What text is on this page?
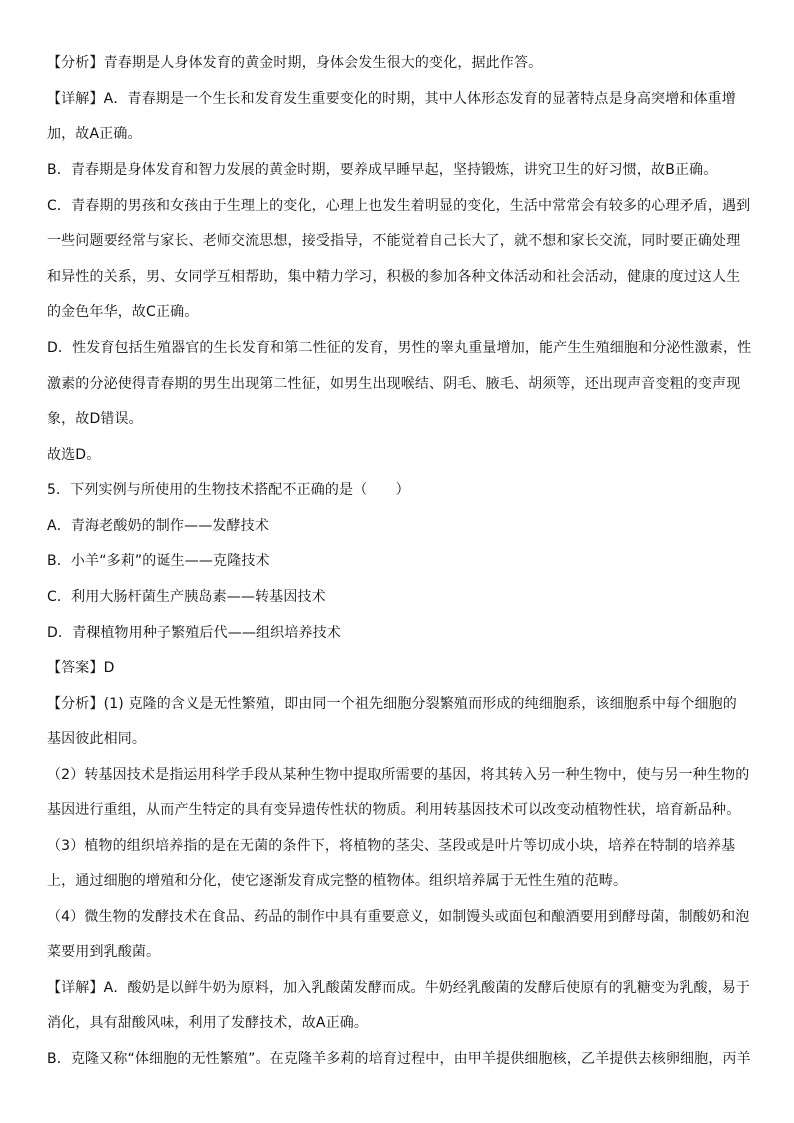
【分析】青春期是人身体发育的黄金时期，身体会发生很大的变化，据此作答。

【详解】A．青春期是一个生长和发育发生重要变化的时期，其中人体形态发育的显著特点是身高突增和体重增

加，故A正确。

B．青春期是身体发育和智力发展的黄金时期，要养成早睡早起，坚持锻炼，讲究卫生的好习惯，故B正确。

C．青春期的男孩和女孩由于生理上的变化，心理上也发生着明显的变化，生活中常常会有较多的心理矛盾，遇到

一些问题要经常与家长、老师交流思想，接受指导，不能觉着自己长大了，就不想和家长交流，同时要正确处理

和异性的关系，男、女同学互相帮助，集中精力学习，积极的参加各种文体活动和社会活动，健康的度过这人生

的金色年华，故C正确。

D．性发育包括生殖器官的生长发育和第二性征的发育，男性的睾丸重量增加，能产生生殖细胞和分泌性激素，性

激素的分泌使得青春期的男生出现第二性征，如男生出现喉结、阴毛、腋毛、胡须等，还出现声音变粗的变声现

象，故D错误。

故选D。

5．下列实例与所使用的生物技术搭配不正确的是（　　）

A．青海老酸奶的制作——发酵技术

B．小羊“多莉”的诞生——克隆技术

C．利用大肠杆菌生产胰岛素——转基因技术

D．青稞植物用种子繁殖后代——组织培养技术

【答案】D

【分析】(1) 克隆的含义是无性繁殖，即由同一个祖先细胞分裂繁殖而形成的纯细胞系，该细胞系中每个细胞的

基因彼此相同。

（2）转基因技术是指运用科学手段从某种生物中提取所需要的基因，将其转入另一种生物中，使与另一种生物的

基因进行重组，从而产生特定的具有变异遗传性状的物质。利用转基因技术可以改变动植物性状，培育新品种。

（3）植物的组织培养指的是在无菌的条件下，将植物的茎尖、茎段或是叶片等切成小块，培养在特制的培养基

上，通过细胞的增殖和分化，使它逐渐发育成完整的植物体。组织培养属于无性生殖的范畴。

（4）微生物的发酵技术在食品、药品的制作中具有重要意义，如制馒头或面包和酿酒要用到酵母菌，制酸奶和泡

菜要用到乳酸菌。

【详解】A．酸奶是以鲜牛奶为原料，加入乳酸菌发酵而成。牛奶经乳酸菌的发酵后使原有的乳糖变为乳酸，易于

消化，具有甜酸风味，利用了发酵技术，故A正确。

B．克隆又称“体细胞的无性繁殖”。在克隆羊多莉的培育过程中，由甲羊提供细胞核，乙羊提供去核卵细胞，丙羊
